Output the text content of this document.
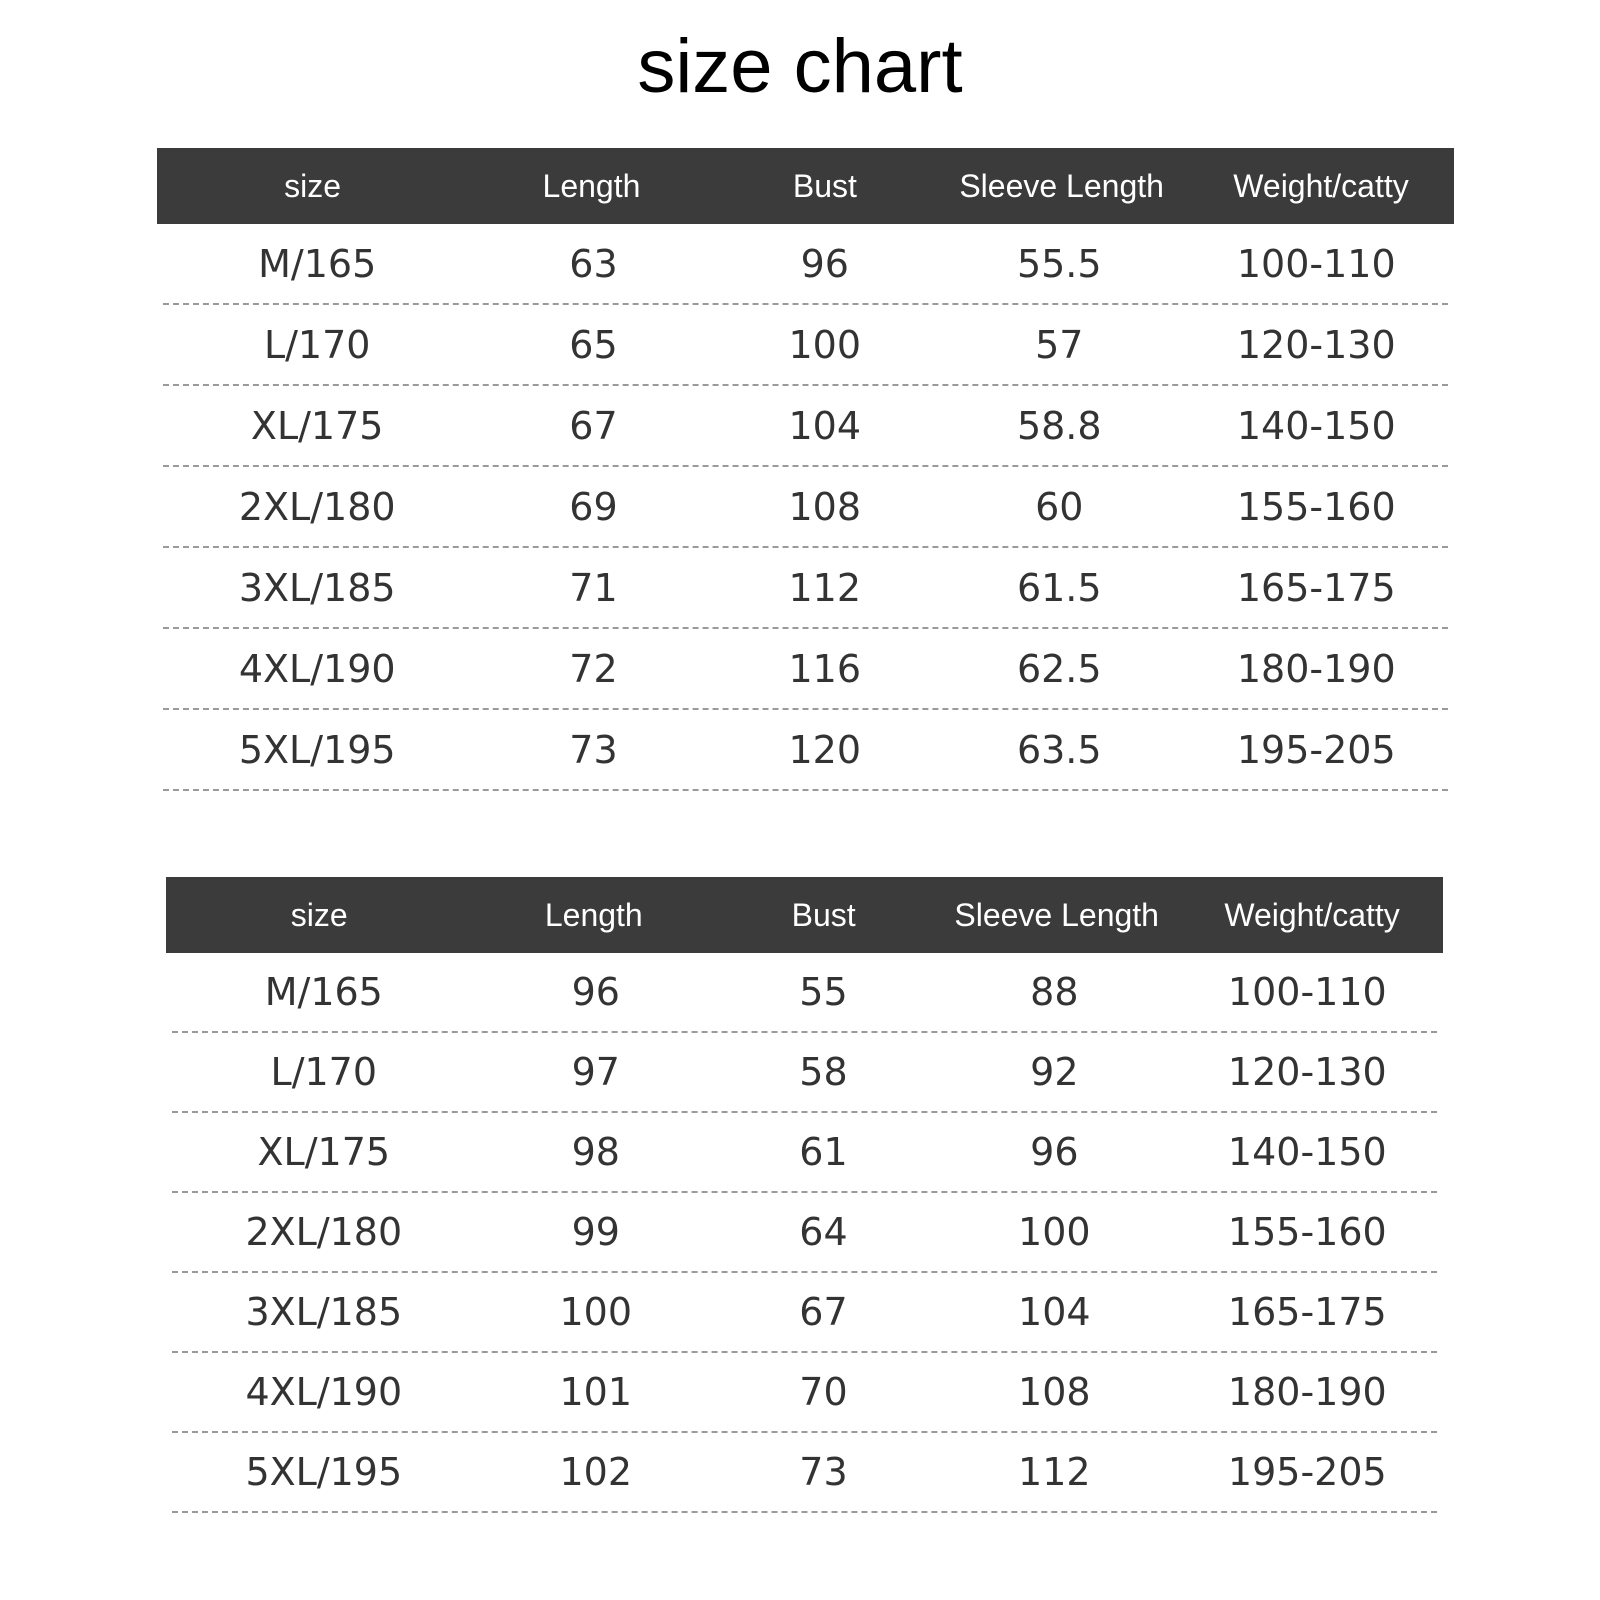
size chart
size	Length	Bust	Sleeve Length	Weight/catty
M/165	63	96	55.5	100-110
L/170	65	100	57	120-130
XL/175	67	104	58.8	140-150
2XL/180	69	108	60	155-160
3XL/185	71	112	61.5	165-175
4XL/190	72	116	62.5	180-190
5XL/195	73	120	63.5	195-205
size	Length	Bust	Sleeve Length	Weight/catty
M/165	96	55	88	100-110
L/170	97	58	92	120-130
XL/175	98	61	96	140-150
2XL/180	99	64	100	155-160
3XL/185	100	67	104	165-175
4XL/190	101	70	108	180-190
5XL/195	102	73	112	195-205
